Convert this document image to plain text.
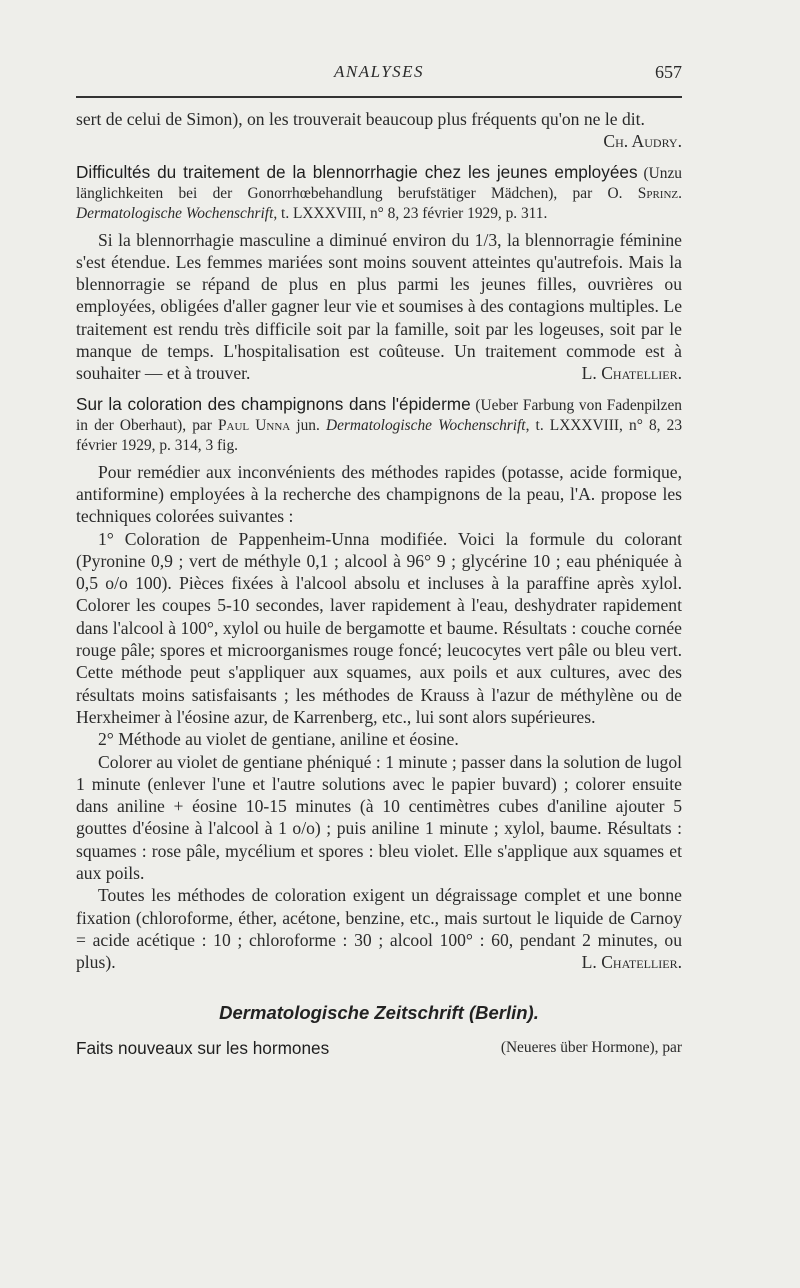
ANALYSES	657

sert de celui de Simon), on les trouverait beaucoup plus fréquents qu'on ne le dit.
Ch. Audry.

Difficultés du traitement de la blennorrhagie chez les jeunes employées (Unzu länglichkeiten bei der Gonorrhœbehandlung berufstätiger Mädchen), par O. Sprinz. Dermatologische Wochenschrift, t. LXXXVIII, n° 8, 23 février 1929, p. 311.

Si la blennorrhagie masculine a diminué environ du 1/3, la blennorragie féminine s'est étendue. Les femmes mariées sont moins souvent atteintes qu'autrefois. Mais la blennorragie se répand de plus en plus parmi les jeunes filles, ouvrières ou employées, obligées d'aller gagner leur vie et soumises à des contagions multiples. Le traitement est rendu très difficile soit par la famille, soit par les logeuses, soit par le manque de temps. L'hospitalisation est coûteuse. Un traitement commode est à souhaiter — et à trouver.	L. Chatellier.

Sur la coloration des champignons dans l'épiderme (Ueber Farbung von Fadenpilzen in der Oberhaut), par Paul Unna jun. Dermatologische Wochenschrift, t. LXXXVIII, n° 8, 23 février 1929, p. 314, 3 fig.

Pour remédier aux inconvénients des méthodes rapides (potasse, acide formique, antiformine) employées à la recherche des champignons de la peau, l'A. propose les techniques colorées suivantes :

1° Coloration de Pappenheim-Unna modifiée. Voici la formule du colorant (Pyronine 0,9 ; vert de méthyle 0,1 ; alcool à 96° 9 ; glycérine 10 ; eau phéniquée à 0,5 o/o 100). Pièces fixées à l'alcool absolu et incluses à la paraffine après xylol. Colorer les coupes 5-10 secondes, laver rapidement à l'eau, deshydrater rapidement dans l'alcool à 100°, xylol ou huile de bergamotte et baume. Résultats : couche cornée rouge pâle; spores et microorganismes rouge foncé; leucocytes vert pâle ou bleu vert. Cette méthode peut s'appliquer aux squames, aux poils et aux cultures, avec des résultats moins satisfaisants ; les méthodes de Krauss à l'azur de méthylène ou de Herxheimer à l'éosine azur, de Karrenberg, etc., lui sont alors supérieures.

2° Méthode au violet de gentiane, aniline et éosine.

Colorer au violet de gentiane phéniqué : 1 minute ; passer dans la solution de lugol 1 minute (enlever l'une et l'autre solutions avec le papier buvard) ; colorer ensuite dans aniline + éosine 10-15 minutes (à 10 centimètres cubes d'aniline ajouter 5 gouttes d'éosine à l'alcool à 1 o/o) ; puis aniline 1 minute ; xylol, baume. Résultats : squames : rose pâle, mycélium et spores : bleu violet. Elle s'applique aux squames et aux poils.

Toutes les méthodes de coloration exigent un dégraissage complet et une bonne fixation (chloroforme, éther, acétone, benzine, etc., mais surtout le liquide de Carnoy = acide acétique : 10 ; chloroforme : 30 ; alcool 100° : 60, pendant 2 minutes, ou plus).	L. Chatellier.

Dermatologische Zeitschrift (Berlin).
Faits nouveaux sur les hormones	(Neueres über Hormone), par
